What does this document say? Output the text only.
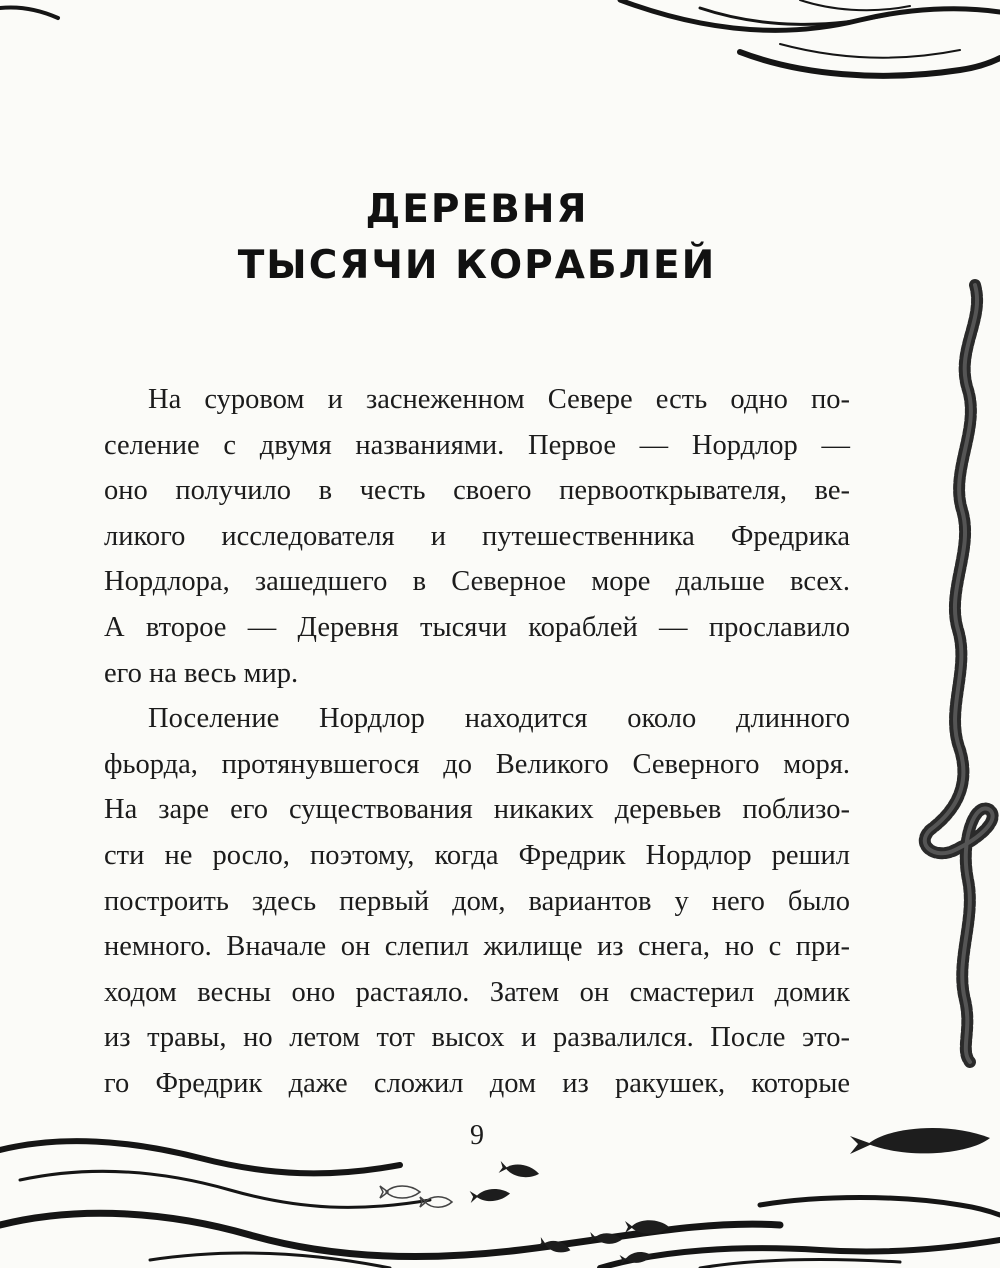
ДЕРЕВНЯ
ТЫСЯЧИ КОРАБЛЕЙ

На суровом и заснеженном Севере есть одно по-
селение с двумя названиями. Первое — Нордлор —
оно получило в честь своего первооткрывателя, ве-
ликого исследователя и путешественника Фредрика
Нордлора, зашедшего в Северное море дальше всех.
А второе — Деревня тысячи кораблей — прославило
его на весь мир.

Поселение Нордлор находится около длинного
фьорда, протянувшегося до Великого Северного моря.
На заре его существования никаких деревьев поблизо-
сти не росло, поэтому, когда Фредрик Нордлор решил
построить здесь первый дом, вариантов у него было
немного. Вначале он слепил жилище из снега, но с при-
ходом весны оно растаяло. Затем он смастерил домик
из травы, но летом тот высох и развалился. После это-
го Фредрик даже сложил дом из ракушек, которые

9
